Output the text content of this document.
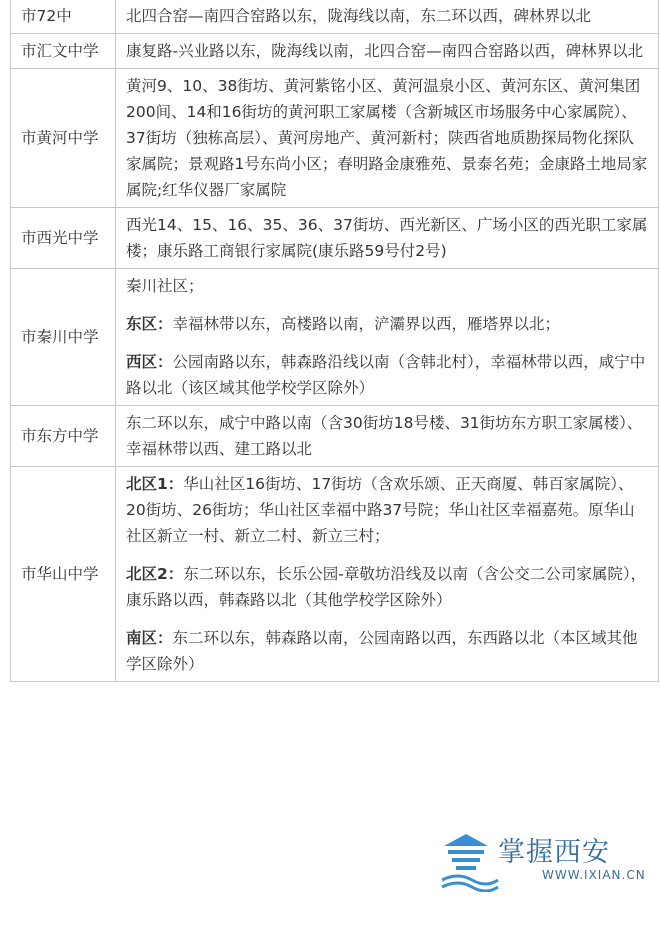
市72中	北四合窑—南四合窑路以东，陇海线以南，东二环以西，碑林界以北

市汇文中学	康复路-兴业路以东，陇海线以南，北四合窑—南四合窑路以西，碑林界以北

市黄河中学	黄河9、10、38街坊、黄河紫铭小区、黄河温泉小区、黄河东区、黄河集团200间、14和16街坊的黄河职工家属楼（含新城区市场服务中心家属院）、37街坊（独栋高层）、黄河房地产、黄河新村；陕西省地质勘探局物化探队家属院；景观路1号东尚小区；春明路金康雅苑、景泰名苑；金康路土地局家属院;红华仪器厂家属院

市西光中学	西光14、15、16、35、36、37街坊、西光新区、广场小区的西光职工家属楼；康乐路工商银行家属院(康乐路59号付2号)

市秦川中学	秦川社区；
东区：幸福林带以东，高楼路以南，浐灞界以西，雁塔界以北；
西区：公园南路以东，韩森路沿线以南（含韩北村），幸福林带以西，咸宁中路以北（该区域其他学校学区除外）

市东方中学	东二环以东，咸宁中路以南（含30街坊18号楼、31街坊东方职工家属楼）、幸福林带以西、建工路以北

市华山中学	北区1：华山社区16街坊、17街坊（含欢乐颂、正天商厦、韩百家属院）、20街坊、26街坊；华山社区幸福中路37号院；华山社区幸福嘉苑。原华山社区新立一村、新立二村、新立三村；
北区2：东二环以东，长乐公园-章敬坊沿线及以南（含公交二公司家属院），康乐路以西，韩森路以北（其他学校学区除外）
南区：东二环以东，韩森路以南，公园南路以西，东西路以北（本区域其他学区除外）
掌握西安
WWW.IXIAN.CN
